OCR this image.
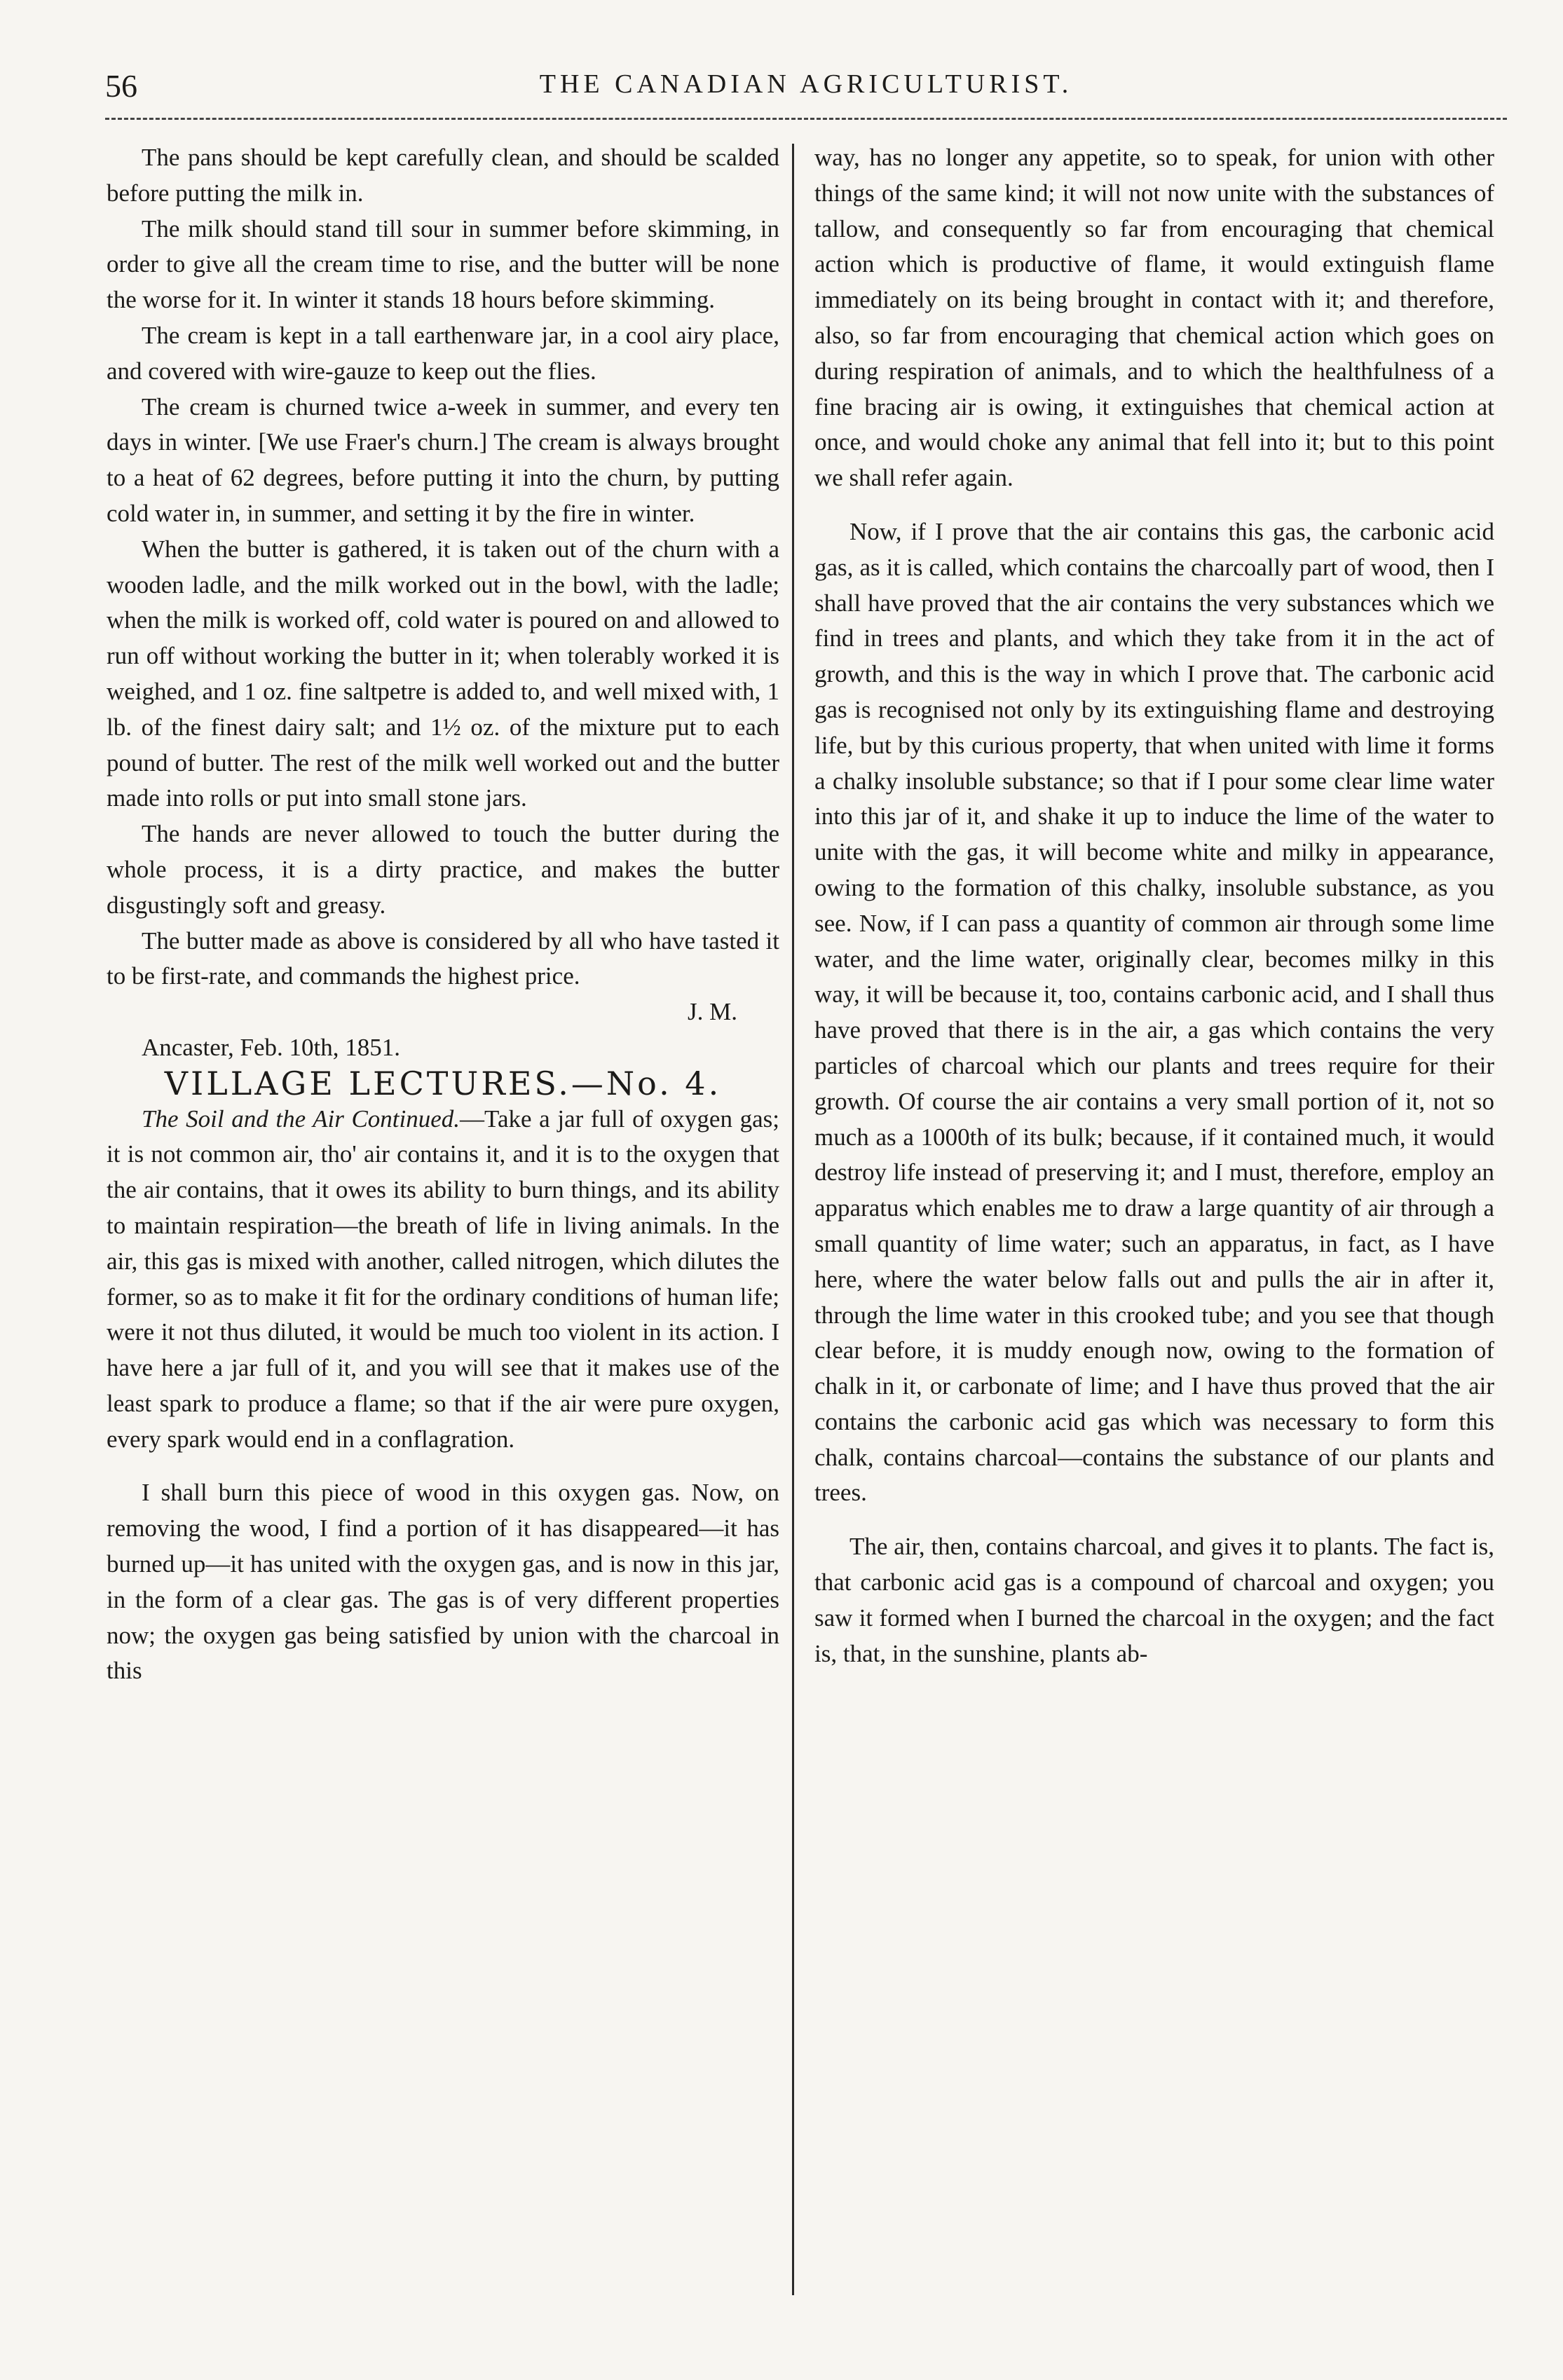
56	THE CANADIAN AGRICULTURIST.

The pans should be kept carefully clean, and should be scalded before putting the milk in.

The milk should stand till sour in summer before skimming, in order to give all the cream time to rise, and the butter will be none the worse for it. In winter it stands 18 hours before skimming.

The cream is kept in a tall earthenware jar, in a cool airy place, and covered with wire-gauze to keep out the flies.

The cream is churned twice a-week in summer, and every ten days in winter. [We use Fraer's churn.] The cream is always brought to a heat of 62 degrees, before putting it into the churn, by putting cold water in, in summer, and setting it by the fire in winter.

When the butter is gathered, it is taken out of the churn with a wooden ladle, and the milk worked out in the bowl, with the ladle; when the milk is worked off, cold water is poured on and allowed to run off without working the butter in it; when tolerably worked it is weighed, and 1 oz. fine saltpetre is added to, and well mixed with, 1 lb. of the finest dairy salt; and 1½ oz. of the mixture put to each pound of butter. The rest of the milk well worked out and the butter made into rolls or put into small stone jars.

The hands are never allowed to touch the butter during the whole process, it is a dirty practice, and makes the butter disgustingly soft and greasy.

The butter made as above is considered by all who have tasted it to be first-rate, and commands the highest price.

J. M.

Ancaster, Feb. 10th, 1851.

VILLAGE LECTURES.—No. 4.

The Soil and the Air Continued.—Take a jar full of oxygen gas; it is not common air, tho' air contains it, and it is to the oxygen that the air contains, that it owes its ability to burn things, and its ability to maintain respiration—the breath of life in living animals. In the air, this gas is mixed with another, called nitrogen, which dilutes the former, so as to make it fit for the ordinary conditions of human life; were it not thus diluted, it would be much too violent in its action. I have here a jar full of it, and you will see that it makes use of the least spark to produce a flame; so that if the air were pure oxygen, every spark would end in a conflagration.

I shall burn this piece of wood in this oxygen gas. Now, on removing the wood, I find a portion of it has disappeared—it has burned up—it has united with the oxygen gas, and is now in this jar, in the form of a clear gas. The gas is of very different properties now; the oxygen gas being satisfied by union with the charcoal in this

way, has no longer any appetite, so to speak, for union with other things of the same kind; it will not now unite with the substances of tallow, and consequently so far from encouraging that chemical action which is productive of flame, it would extinguish flame immediately on its being brought in contact with it; and therefore, also, so far from encouraging that chemical action which goes on during respiration of animals, and to which the healthfulness of a fine bracing air is owing, it extinguishes that chemical action at once, and would choke any animal that fell into it; but to this point we shall refer again.

Now, if I prove that the air contains this gas, the carbonic acid gas, as it is called, which contains the charcoally part of wood, then I shall have proved that the air contains the very substances which we find in trees and plants, and which they take from it in the act of growth, and this is the way in which I prove that. The carbonic acid gas is recognised not only by its extinguishing flame and destroying life, but by this curious property, that when united with lime it forms a chalky insoluble substance; so that if I pour some clear lime water into this jar of it, and shake it up to induce the lime of the water to unite with the gas, it will become white and milky in appearance, owing to the formation of this chalky, insoluble substance, as you see. Now, if I can pass a quantity of common air through some lime water, and the lime water, originally clear, becomes milky in this way, it will be because it, too, contains carbonic acid, and I shall thus have proved that there is in the air, a gas which contains the very particles of charcoal which our plants and trees require for their growth. Of course the air contains a very small portion of it, not so much as a 1000th of its bulk; because, if it contained much, it would destroy life instead of preserving it; and I must, therefore, employ an apparatus which enables me to draw a large quantity of air through a small quantity of lime water; such an apparatus, in fact, as I have here, where the water below falls out and pulls the air in after it, through the lime water in this crooked tube; and you see that though clear before, it is muddy enough now, owing to the formation of chalk in it, or carbonate of lime; and I have thus proved that the air contains the carbonic acid gas which was necessary to form this chalk, contains charcoal—contains the substance of our plants and trees.

The air, then, contains charcoal, and gives it to plants. The fact is, that carbonic acid gas is a compound of charcoal and oxygen; you saw it formed when I burned the charcoal in the oxygen; and the fact is, that, in the sunshine, plants ab-
